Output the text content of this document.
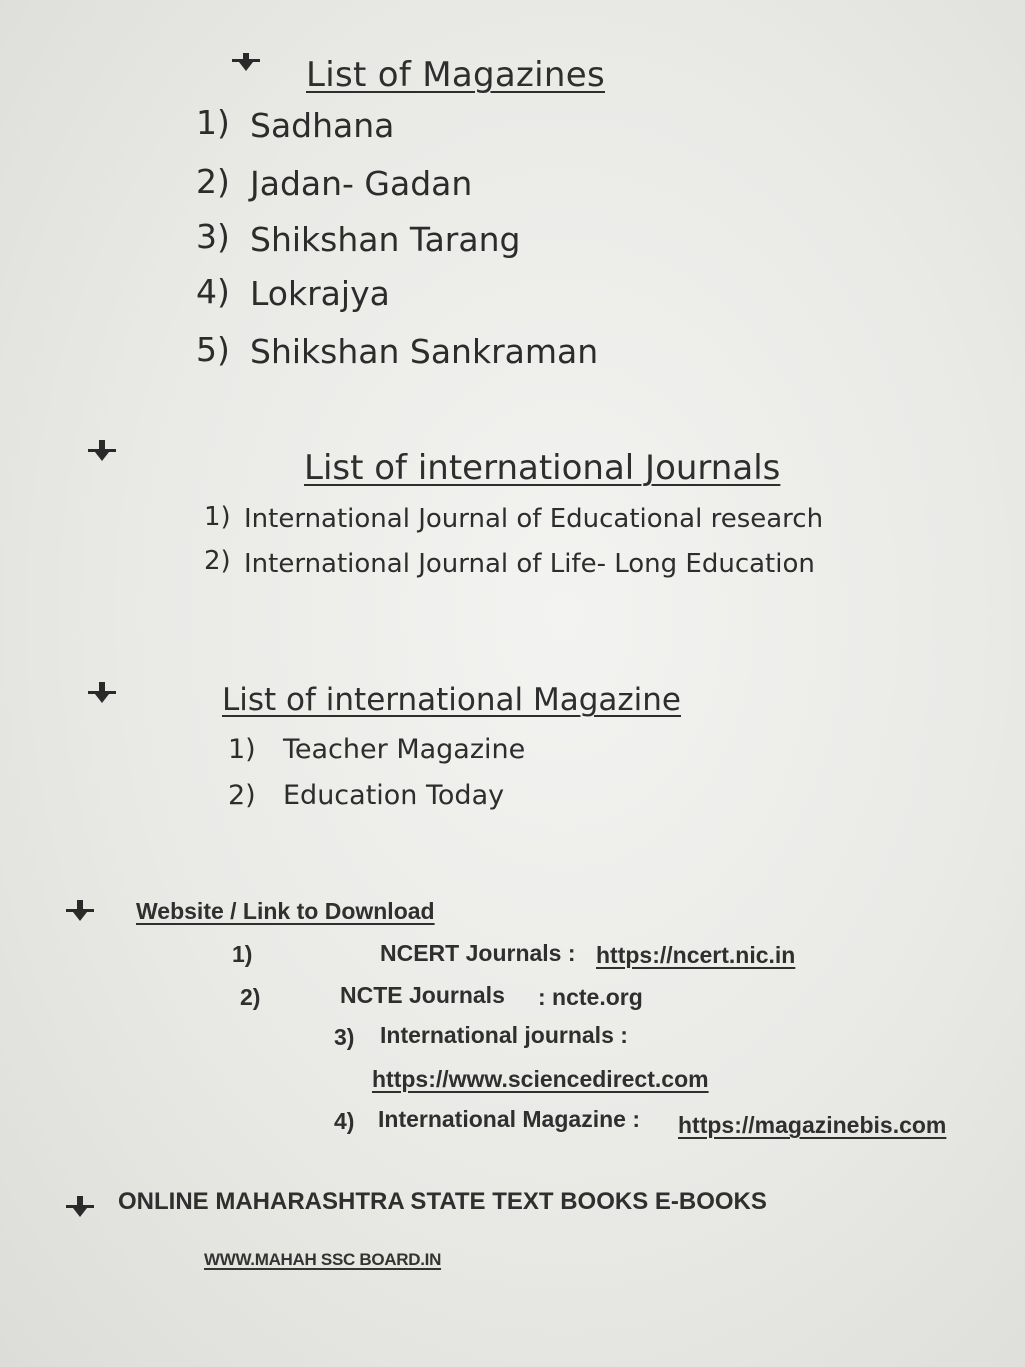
List of Magazines
1) Sadhana
2) Jadan- Gadan
3) Shikshan Tarang
4) Lokrajya
5) Shikshan Sankraman
List of international Journals
1) International Journal of Educational research
2) International Journal of Life- Long Education
List of international Magazine
1) Teacher Magazine
2) Education Today
Website / Link to Download
1)	NCERT Journals : https://ncert.nic.in
2)	NCTE Journals : ncte.org
3) International journals :
https://www.sciencedirect.com
4) International Magazine : https://magazinebis.com
ONLINE MAHARASHTRA STATE TEXT BOOKS E-BOOKS
WWW.MAHAH SSC BOARD.IN
